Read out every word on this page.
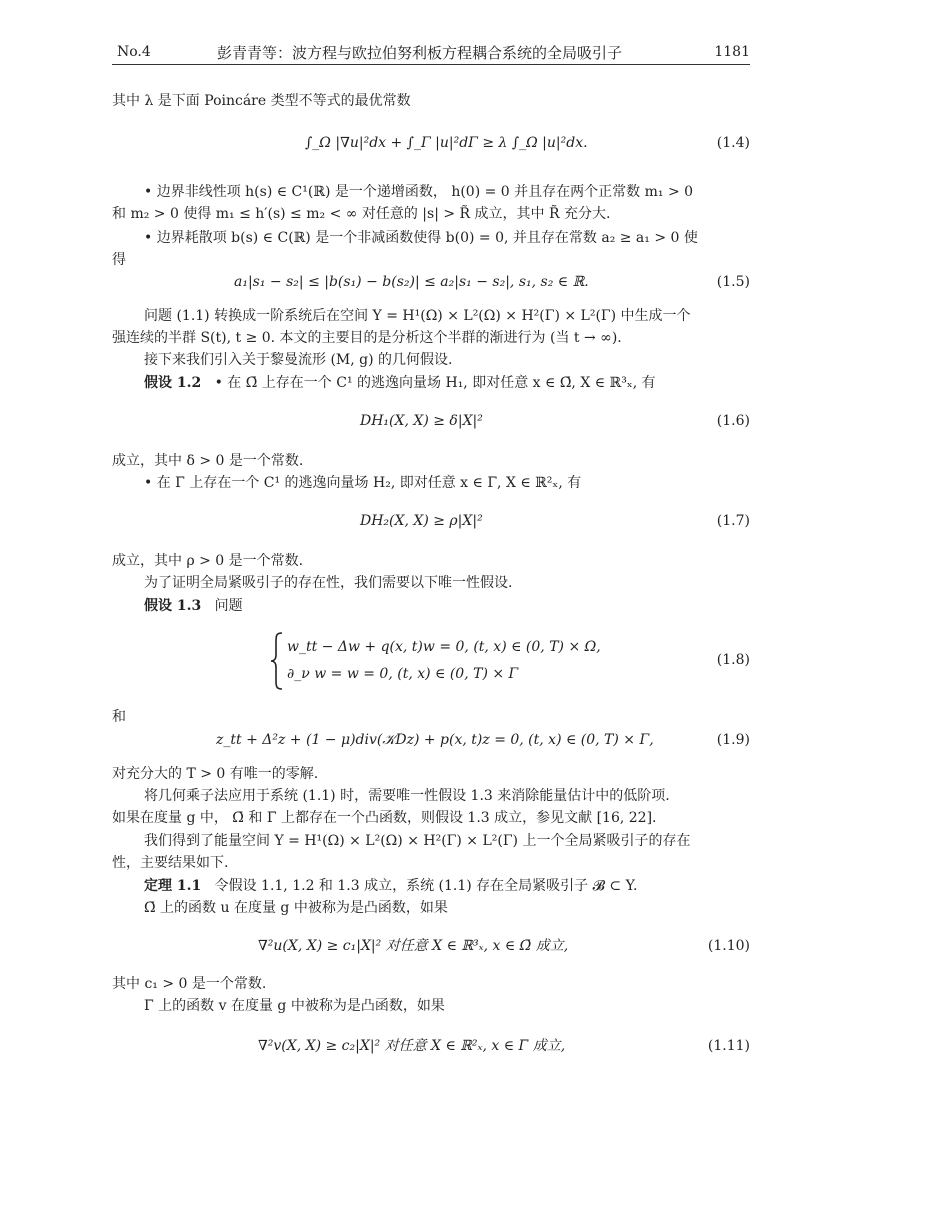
No.4	彭青青等：波方程与欧拉伯努利板方程耦合系统的全局吸引子	1181
其中 λ 是下面 Poincáre 类型不等式的最优常数
∫_Ω |∇u|²dx + ∫_Γ |u|²dΓ ≥ λ ∫_Ω |u|²dx.	(1.4)
• 边界非线性项 h(s) ∈ C¹(ℝ) 是一个递增函数， h(0) = 0 并且存在两个正常数 m₁ > 0
和 m₂ > 0 使得 m₁ ≤ h′(s) ≤ m₂ < ∞ 对任意的 |s| > R̃ 成立，其中 R̃ 充分大.
• 边界耗散项 b(s) ∈ C(ℝ) 是一个非减函数使得 b(0) = 0, 并且存在常数 a₂ ≥ a₁ > 0 使
得
a₁|s₁ − s₂| ≤ |b(s₁) − b(s₂)| ≤ a₂|s₁ − s₂|, s₁, s₂ ∈ ℝ.	(1.5)
问题 (1.1) 转换成一阶系统后在空间 Y = H¹(Ω) × L²(Ω) × H²(Γ) × L²(Γ) 中生成一个
强连续的半群 S(t), t ≥ 0. 本文的主要目的是分析这个半群的渐进行为 (当 t → ∞).
接下来我们引入关于黎曼流形 (M, g) 的几何假设.
假设 1.2 • 在 Ω̄ 上存在一个 C¹ 的逃逸向量场 H₁, 即对任意 x ∈ Ω̄, X ∈ ℝ³ₓ, 有
DH₁(X, X) ≥ δ|X|²	(1.6)
成立，其中 δ > 0 是一个常数.
• 在 Γ̄ 上存在一个 C¹ 的逃逸向量场 H₂, 即对任意 x ∈ Γ̄, X ∈ ℝ²ₓ, 有
DH₂(X, X) ≥ ρ|X|²	(1.7)
成立，其中 ρ > 0 是一个常数.
为了证明全局紧吸引子的存在性，我们需要以下唯一性假设.
假设 1.3 问题
w_tt − Δw + q(x, t)w = 0, (t, x) ∈ (0, T) × Ω,
∂_ν w = w = 0, (t, x) ∈ (0, T) × Γ
(1.8)
和
z_tt + Δ²z + (1 − μ)div(𝒦Dz) + p(x, t)z = 0, (t, x) ∈ (0, T) × Γ,	(1.9)
对充分大的 T > 0 有唯一的零解.
将几何乘子法应用于系统 (1.1) 时，需要唯一性假设 1.3 来消除能量估计中的低阶项.
如果在度量 g 中， Ω̄ 和 Γ̄ 上都存在一个凸函数，则假设 1.3 成立，参见文献 [16, 22].
我们得到了能量空间 Y = H¹(Ω) × L²(Ω) × H²(Γ) × L²(Γ) 上一个全局紧吸引子的存在
性，主要结果如下.
定理 1.1 令假设 1.1, 1.2 和 1.3 成立，系统 (1.1) 存在全局紧吸引子 𝓑 ⊂ Y.
Ω̄ 上的函数 u 在度量 g 中被称为是凸函数，如果
∇²u(X, X) ≥ c₁|X|² 对任意 X ∈ ℝ³ₓ, x ∈ Ω̄ 成立,	(1.10)
其中 c₁ > 0 是一个常数.
Γ̄ 上的函数 v 在度量 g 中被称为是凸函数，如果
∇²v(X, X) ≥ c₂|X|² 对任意 X ∈ ℝ²ₓ, x ∈ Γ̄ 成立,	(1.11)
